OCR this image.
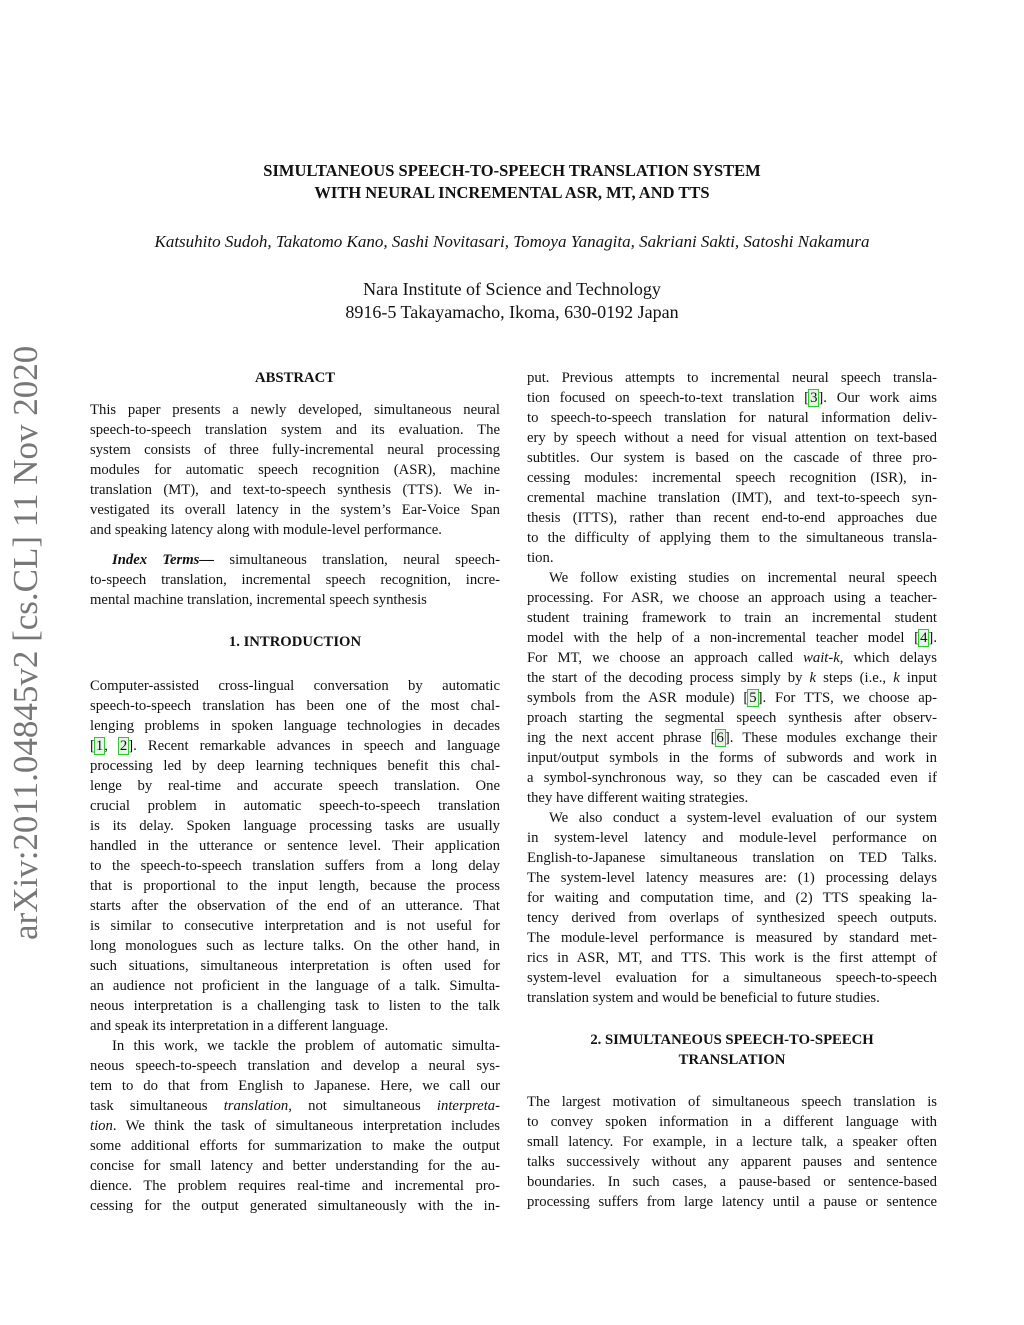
SIMULTANEOUS SPEECH-TO-SPEECH TRANSLATION SYSTEM
WITH NEURAL INCREMENTAL ASR, MT, AND TTS
Katsuhito Sudoh, Takatomo Kano, Sashi Novitasari, Tomoya Yanagita, Sakriani Sakti, Satoshi Nakamura
Nara Institute of Science and Technology
8916-5 Takayamacho, Ikoma, 630-0192 Japan
arXiv:2011.04845v2 [cs.CL] 11 Nov 2020	ABSTRACT
This paper presents a newly developed, simultaneous neural
speech-to-speech translation system and its evaluation. The
system consists of three fully-incremental neural processing
modules for automatic speech recognition (ASR), machine
translation (MT), and text-to-speech synthesis (TTS). We in-
vestigated its overall latency in the system’s Ear-Voice Span
and speaking latency along with module-level performance.
Index Terms— simultaneous translation, neural speech-
to-speech translation, incremental speech recognition, incre-
mental machine translation, incremental speech synthesis
1. INTRODUCTION
Computer-assisted cross-lingual conversation by automatic
speech-to-speech translation has been one of the most chal-
lenging problems in spoken language technologies in decades
[1, 2]. Recent remarkable advances in speech and language
processing led by deep learning techniques benefit this chal-
lenge by real-time and accurate speech translation. One
crucial problem in automatic speech-to-speech translation
is its delay. Spoken language processing tasks are usually
handled in the utterance or sentence level. Their application
to the speech-to-speech translation suffers from a long delay
that is proportional to the input length, because the process
starts after the observation of the end of an utterance. That
is similar to consecutive interpretation and is not useful for
long monologues such as lecture talks. On the other hand, in
such situations, simultaneous interpretation is often used for
an audience not proficient in the language of a talk. Simulta-
neous interpretation is a challenging task to listen to the talk
and speak its interpretation in a different language.
In this work, we tackle the problem of automatic simulta-
neous speech-to-speech translation and develop a neural sys-
tem to do that from English to Japanese. Here, we call our
task simultaneous translation, not simultaneous interpreta-
tion. We think the task of simultaneous interpretation includes
some additional efforts for summarization to make the output
concise for small latency and better understanding for the au-
dience. The problem requires real-time and incremental pro-
cessing for the output generated simultaneously with the in-
put. Previous attempts to incremental neural speech transla-
tion focused on speech-to-text translation [3]. Our work aims
to speech-to-speech translation for natural information deliv-
ery by speech without a need for visual attention on text-based
subtitles. Our system is based on the cascade of three pro-
cessing modules: incremental speech recognition (ISR), in-
cremental machine translation (IMT), and text-to-speech syn-
thesis (ITTS), rather than recent end-to-end approaches due
to the difficulty of applying them to the simultaneous transla-
tion.
We follow existing studies on incremental neural speech
processing. For ASR, we choose an approach using a teacher-
student training framework to train an incremental student
model with the help of a non-incremental teacher model [4].
For MT, we choose an approach called wait-k, which delays
the start of the decoding process simply by k steps (i.e., k input
symbols from the ASR module) [5]. For TTS, we choose ap-
proach starting the segmental speech synthesis after observ-
ing the next accent phrase [6]. These modules exchange their
input/output symbols in the forms of subwords and work in
a symbol-synchronous way, so they can be cascaded even if
they have different waiting strategies.
We also conduct a system-level evaluation of our system
in system-level latency and module-level performance on
English-to-Japanese simultaneous translation on TED Talks.
The system-level latency measures are: (1) processing delays
for waiting and computation time, and (2) TTS speaking la-
tency derived from overlaps of synthesized speech outputs.
The module-level performance is measured by standard met-
rics in ASR, MT, and TTS. This work is the first attempt of
system-level evaluation for a simultaneous speech-to-speech
translation system and would be beneficial to future studies.
2. SIMULTANEOUS SPEECH-TO-SPEECH
TRANSLATION
The largest motivation of simultaneous speech translation is
to convey spoken information in a different language with
small latency. For example, in a lecture talk, a speaker often
talks successively without any apparent pauses and sentence
boundaries. In such cases, a pause-based or sentence-based
processing suffers from large latency until a pause or sentence
